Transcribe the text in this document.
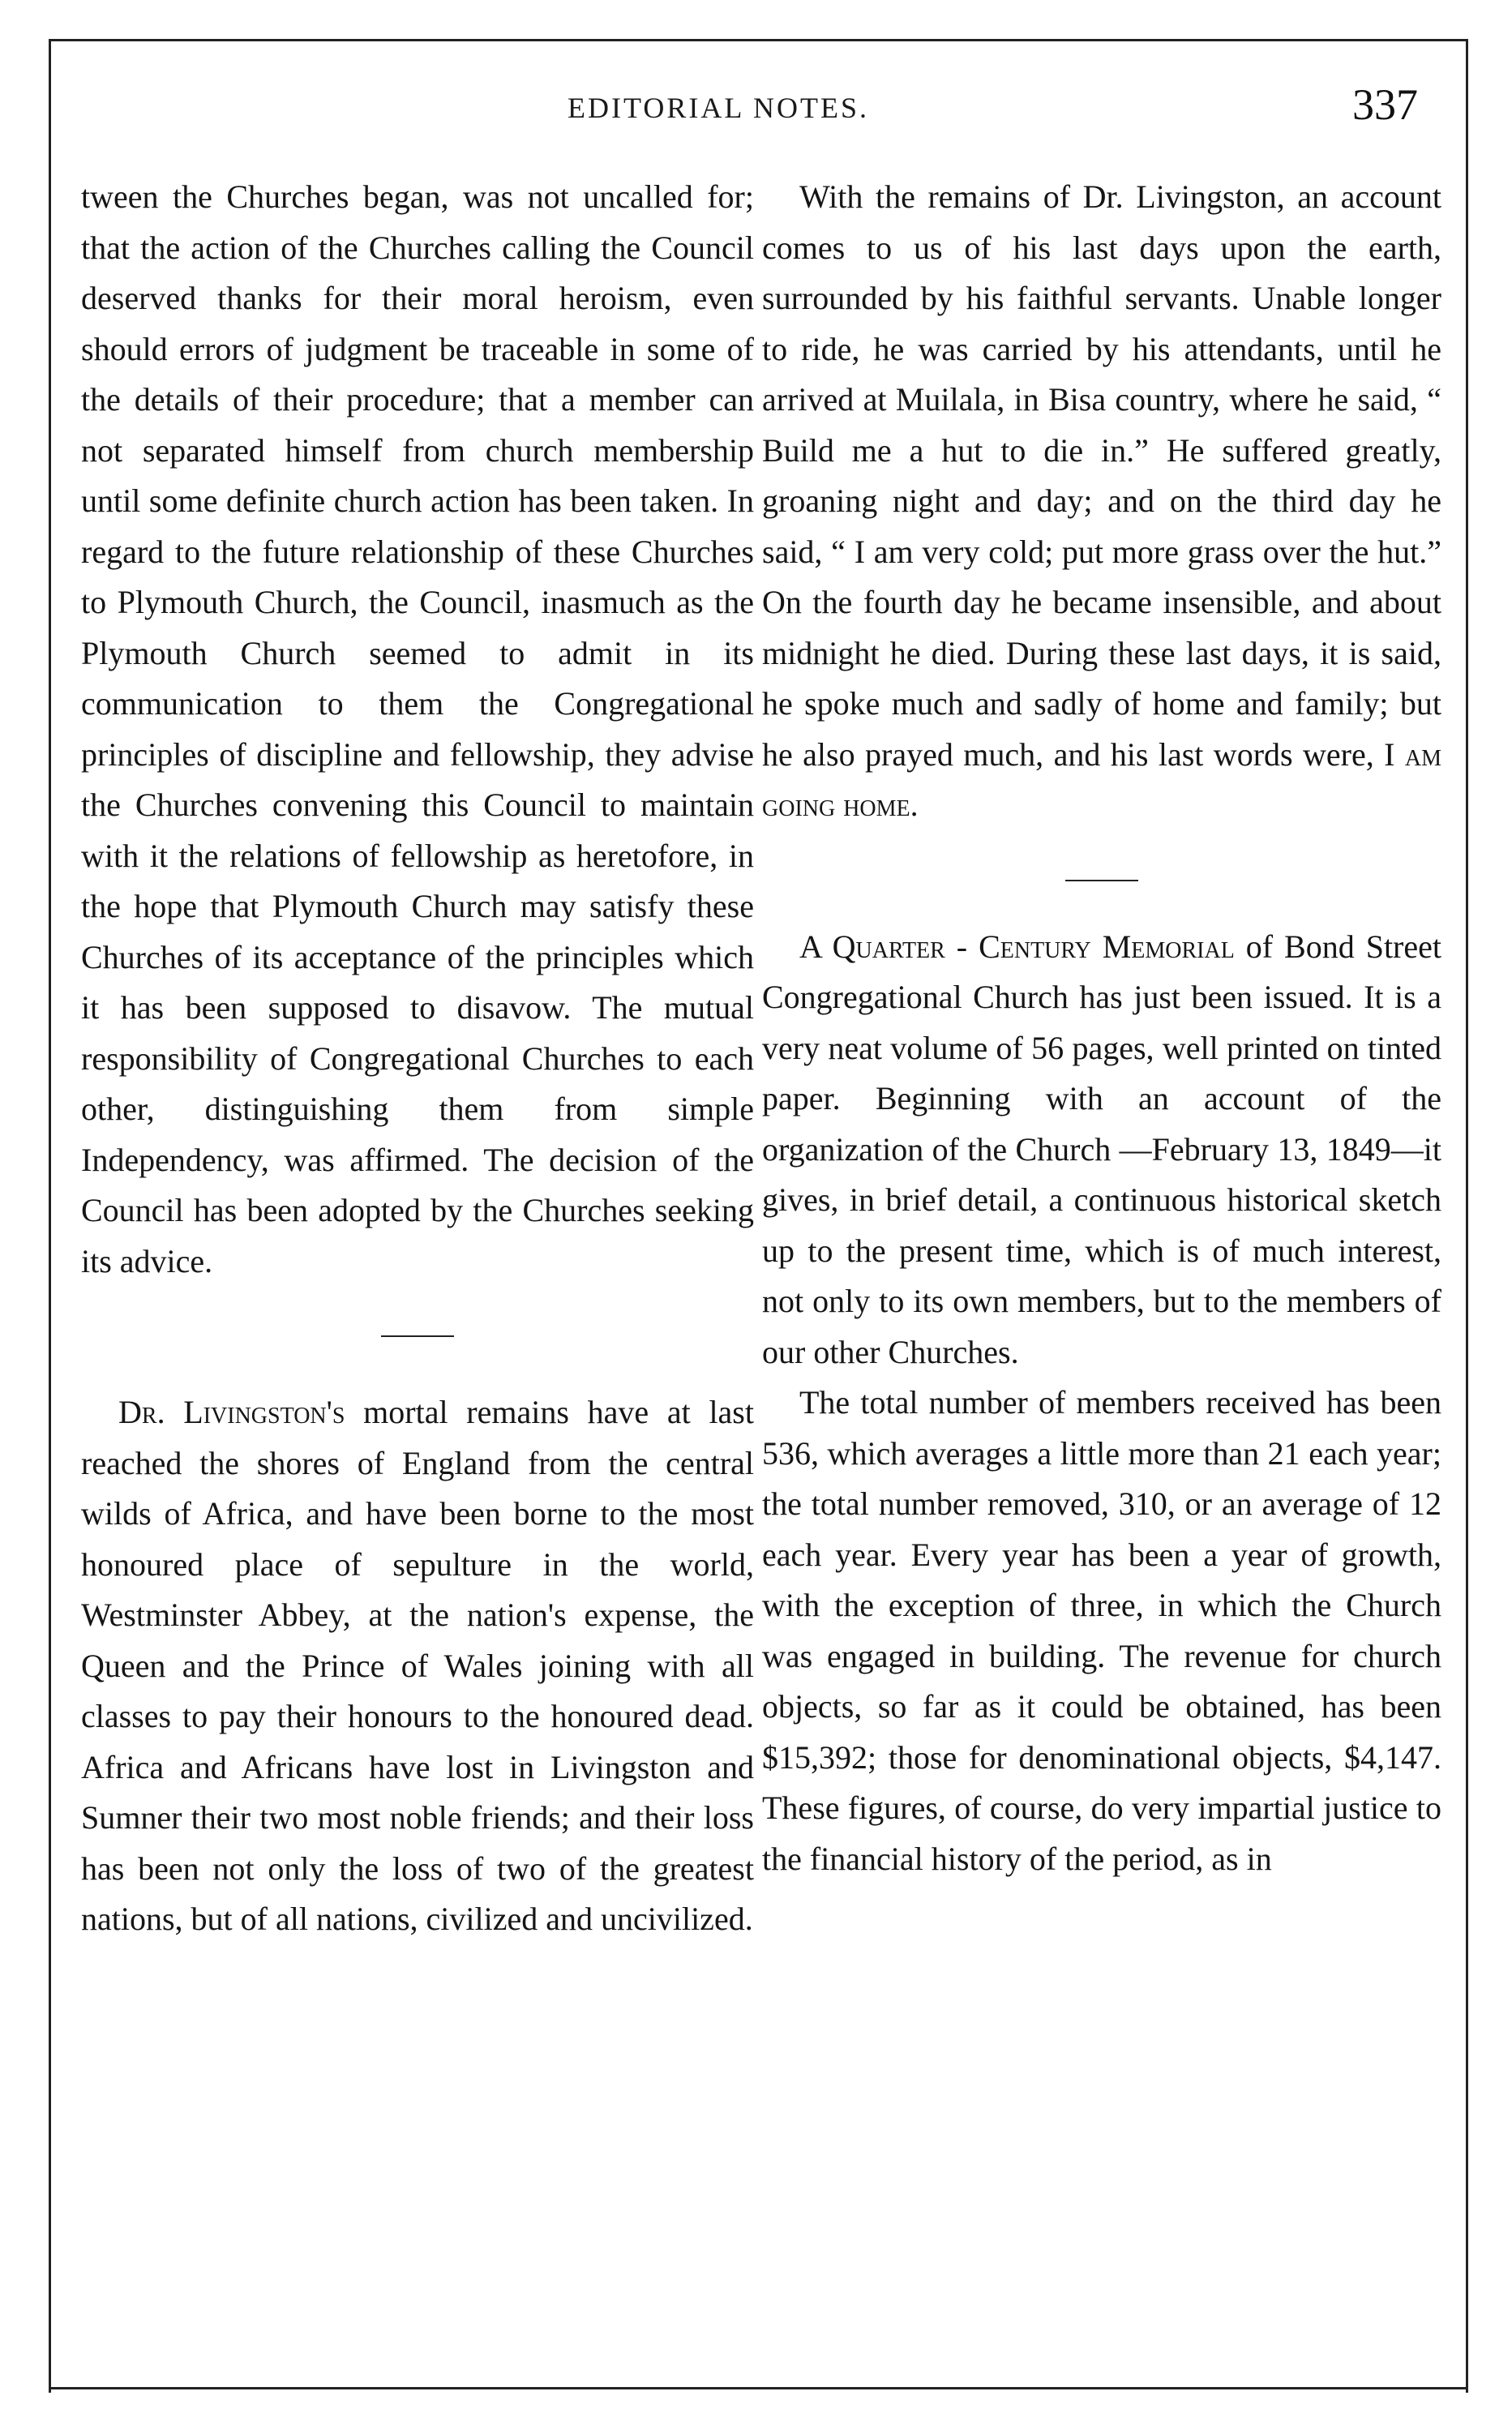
EDITORIAL NOTES.	337

tween the Churches began, was not uncalled for; that the action of the Churches calling the Council deserved thanks for their moral heroism, even should errors of judgment be traceable in some of the details of their procedure; that a member can not separated himself from church membership until some definite church action has been taken. In regard to the future relationship of these Churches to Plymouth Church, the Council, inasmuch as the Plymouth Church seemed to admit in its communication to them the Congregational principles of discipline and fellowship, they advise the Churches convening this Council to maintain with it the relations of fellowship as heretofore, in the hope that Plymouth Church may satisfy these Churches of its acceptance of the principles which it has been supposed to disavow. The mutual responsibility of Congregational Churches to each other, distinguishing them from simple Independency, was affirmed. The decision of the Council has been adopted by the Churches seeking its advice.

Dr. Livingston's mortal remains have at last reached the shores of England from the central wilds of Africa, and have been borne to the most honoured place of sepulture in the world, Westminster Abbey, at the nation's expense, the Queen and the Prince of Wales joining with all classes to pay their honours to the honoured dead. Africa and Africans have lost in Livingston and Sumner their two most noble friends; and their loss has been not only the loss of two of the greatest nations, but of all nations, civilized and uncivilized.

With the remains of Dr. Livingston, an account comes to us of his last days upon the earth, surrounded by his faithful servants. Unable longer to ride, he was carried by his attendants, until he arrived at Muilala, in Bisa country, where he said, “ Build me a hut to die in.” He suffered greatly, groaning night and day; and on the third day he said, “ I am very cold; put more grass over the hut.” On the fourth day he became insensible, and about midnight he died. During these last days, it is said, he spoke much and sadly of home and family; but he also prayed much, and his last words were, I am going home.

A Quarter - Century Memorial of Bond Street Congregational Church has just been issued. It is a very neat volume of 56 pages, well printed on tinted paper. Beginning with an account of the organization of the Church —February 13, 1849—it gives, in brief detail, a continuous historical sketch up to the present time, which is of much interest, not only to its own members, but to the members of our other Churches.

The total number of members received has been 536, which averages a little more than 21 each year; the total number removed, 310, or an average of 12 each year. Every year has been a year of growth, with the exception of three, in which the Church was engaged in building. The revenue for church objects, so far as it could be obtained, has been $15,392; those for denominational objects, $4,147. These figures, of course, do very impartial justice to the financial history of the period, as in
